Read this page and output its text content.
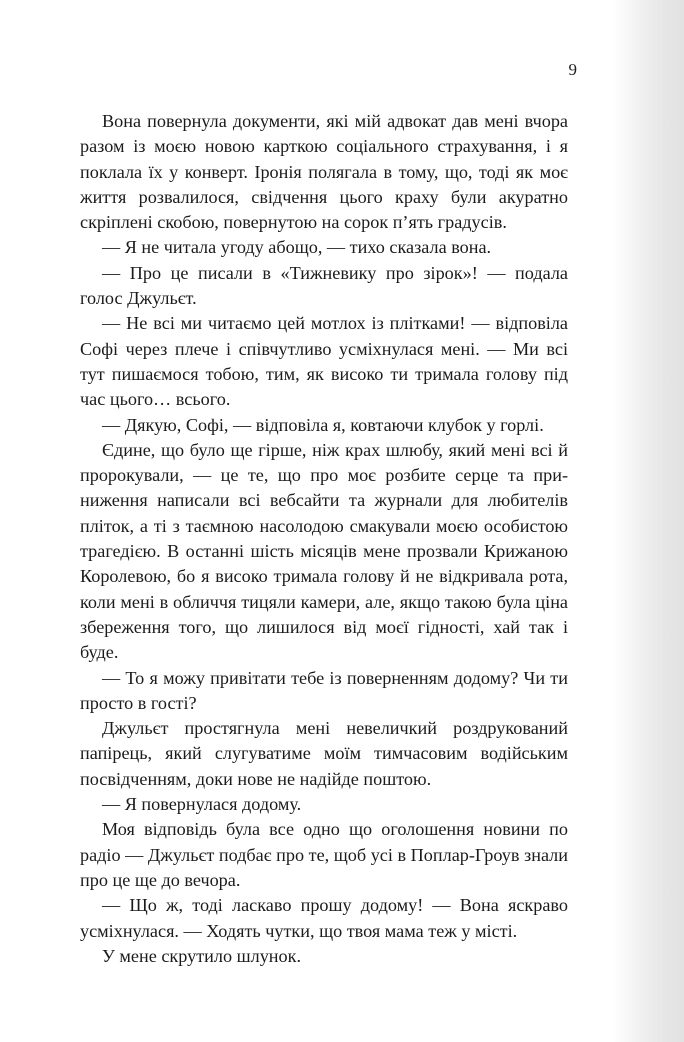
9

Вона повернула документи, які мій адвокат дав мені вчора разом із моєю новою карткою соціального страхування, і я поклала їх у конверт. Іронія полягала в тому, що, тоді як моє життя розвалилося, свідчення цього краху були акуратно скріплені скобою, повернутою на сорок п’ять градусів.

— Я не читала угоду абощо, — тихо сказала вона.

— Про це писали в «Тижневику про зірок»! — подала голос Джульєт.

— Не всі ми читаємо цей мотлох із плітками! — відповіла Софі через плече і співчутливо усміхнулася мені. — Ми всі тут пишаємося тобою, тим, як високо ти тримала голову під час цього… всього.

— Дякую, Софі, — відповіла я, ковтаючи клубок у горлі.

Єдине, що було ще гірше, ніж крах шлюбу, який мені всі й пророкували, — це те, що про моє розбите серце та приниження написали всі вебсайти та журнали для любителів пліток, а ті з таємною насолодою смакували моєю особистою трагедією. В останні шість місяців мене прозвали Крижаною Королевою, бо я високо тримала голову й не відкривала рота, коли мені в обличчя тицяли камери, але, якщо такою була ціна збереження того, що лишилося від моєї гідності, хай так і буде.

— То я можу привітати тебе із поверненням додому? Чи ти просто в гості?

Джульєт простягнула мені невеличкий роздрукований папірець, який слугуватиме моїм тимчасовим водійським посвідченням, доки нове не надійде поштою.

— Я повернулася додому.

Моя відповідь була все одно що оголошення новини по радіо — Джульєт подбає про те, щоб усі в Поплар-Гроув знали про це ще до вечора.

— Що ж, тоді ласкаво прошу додому! — Вона яскраво усміхнулася. — Ходять чутки, що твоя мама теж у місті.

У мене скрутило шлунок.
